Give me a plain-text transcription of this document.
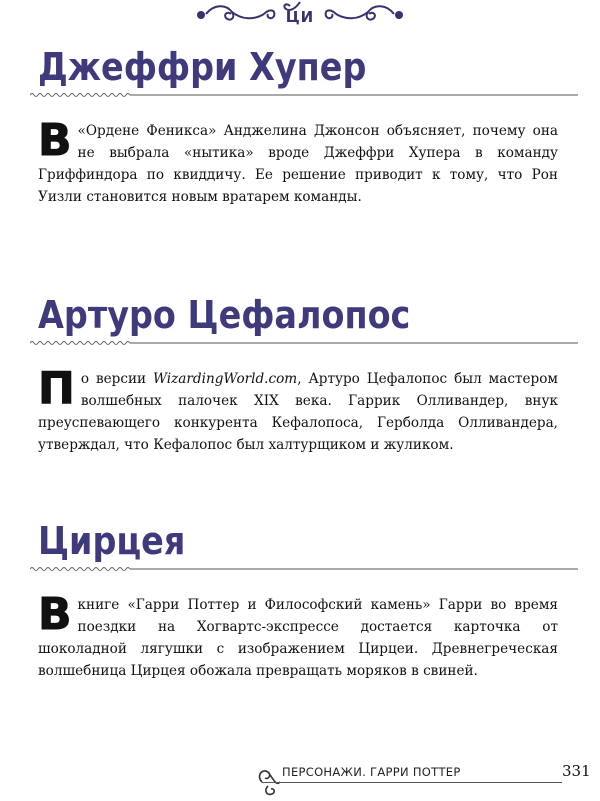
ЦИ
Джеффри Хупер

В «Ордене Феникса» Анджелина Джонсон объясняет, почему она не выбрала «нытика» вроде Джеффри Хупера в команду Гриффиндора по квиддичу. Ее решение приводит к тому, что Рон Уизли становится новым вратарем команды.

Артуро Цефалопос

По версии WizardingWorld.com, Артуро Цефалопос был мастером волшебных палочек XIX века. Гаррик Олливандер, внук преуспевающего конкурента Кефалопоса, Герболда Олливандера, утверждал, что Кефалопос был халтурщиком и жуликом.

Цирцея

В книге «Гарри Поттер и Философский камень» Гарри во время поездки на Хогвартс-экспрессе достается карточка от шоколадной лягушки с изображением Цирцеи. Древнегреческая волшебница Цирцея обожала превращать моряков в свиней.

ПЕРСОНАЖИ. ГАРРИ ПОТТЕР	331
